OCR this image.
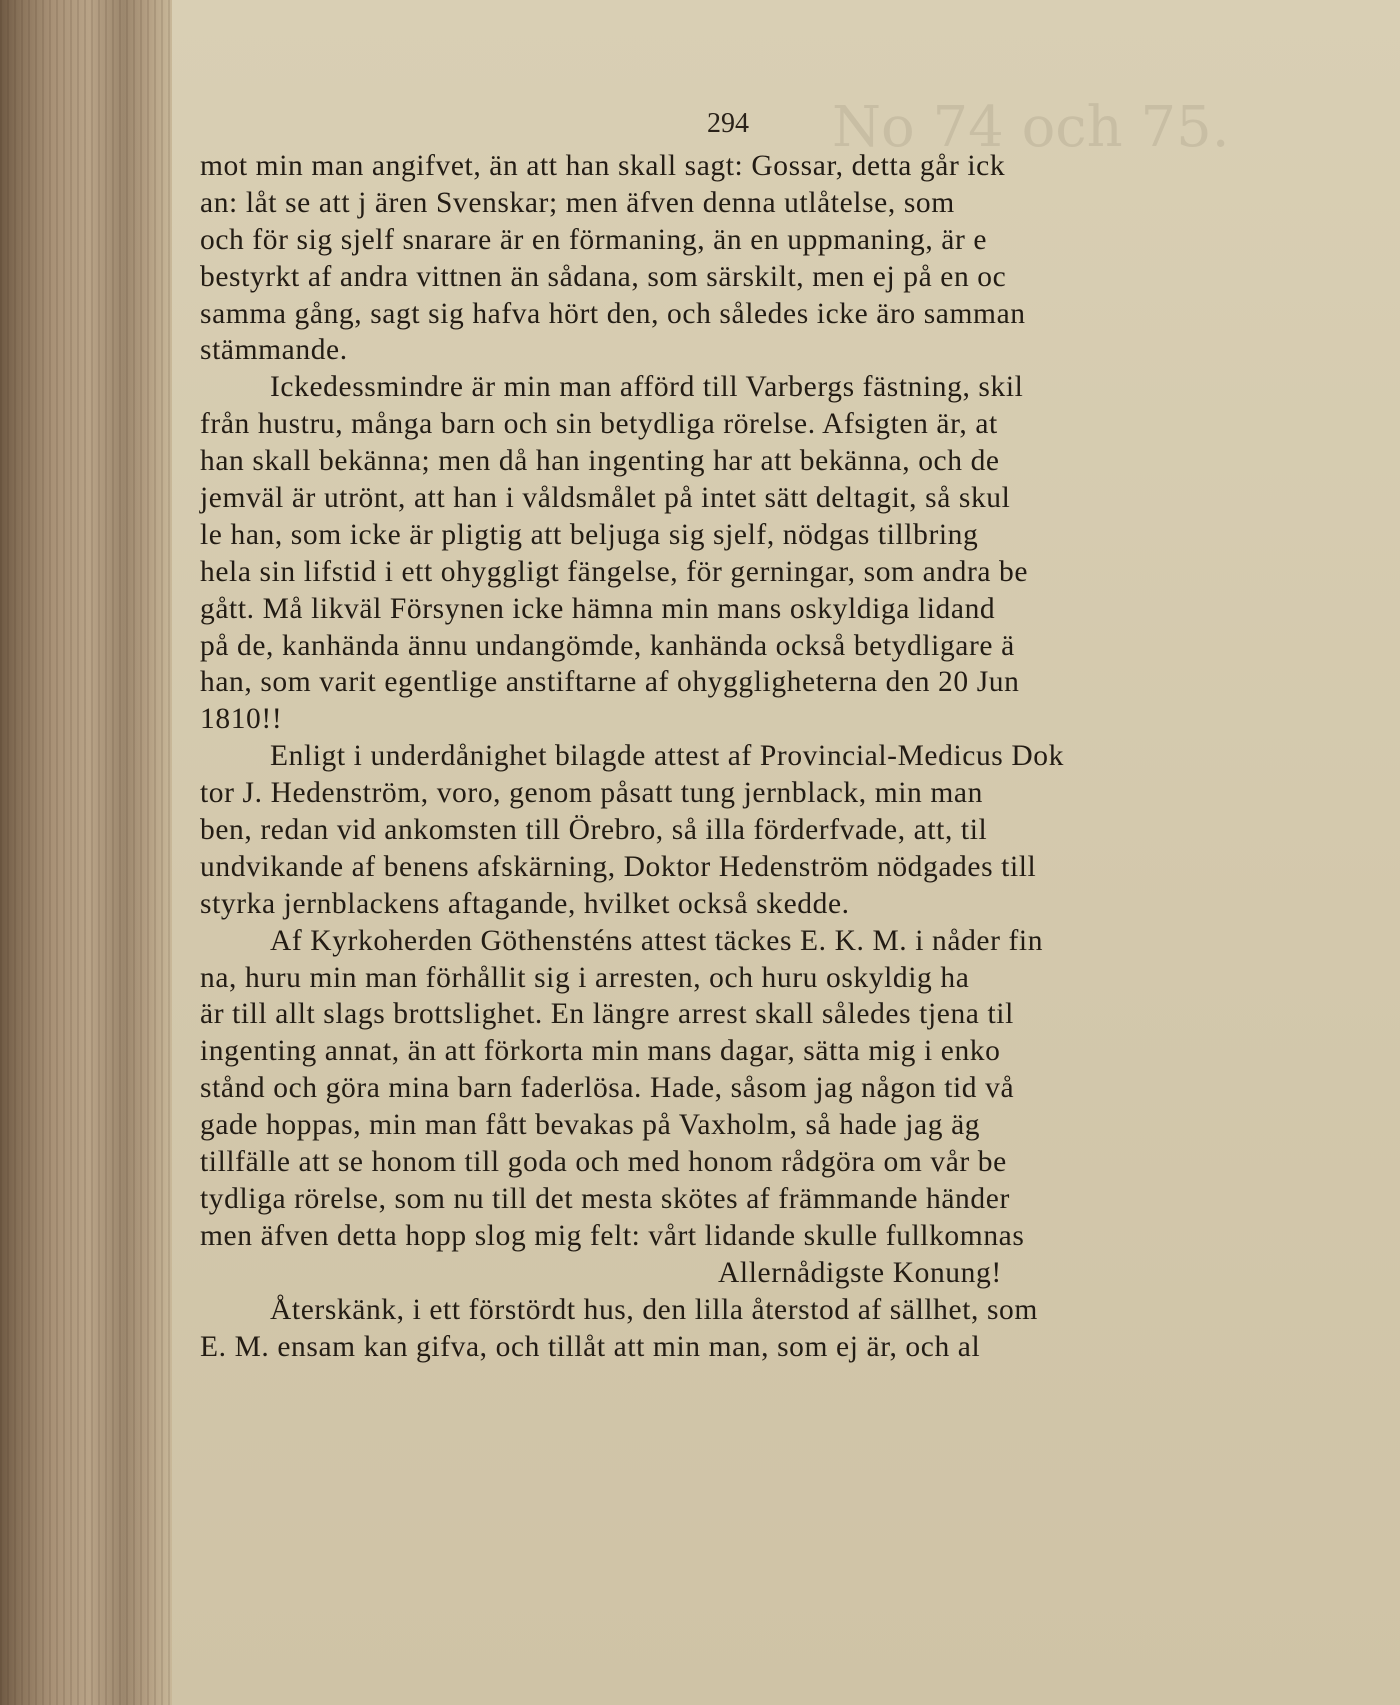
No 74 och 75.
294
mot min man angifvet, än att han skall sagt: Gossar, detta går ick
an: låt se att j ären Svenskar; men äfven denna utlåtelse, som
och för sig sjelf snarare är en förmaning, än en uppmaning, är e
bestyrkt af andra vittnen än sådana, som särskilt, men ej på en oc
samma gång, sagt sig hafva hört den, och således icke äro samman
stämmande.
Ickedessmindre är min man afförd till Varbergs fästning, skil
från hustru, många barn och sin betydliga rörelse. Afsigten är, at
han skall bekänna; men då han ingenting har att bekänna, och de
jemväl är utrönt, att han i våldsmålet på intet sätt deltagit, så skul
le han, som icke är pligtig att beljuga sig sjelf, nödgas tillbring
hela sin lifstid i ett ohyggligt fängelse, för gerningar, som andra be
gått. Må likväl Försynen icke hämna min mans oskyldiga lidand
på de, kanhända ännu undangömde, kanhända också betydligare ä
han, som varit egentlige anstiftarne af ohyggligheterna den 20 Jun
1810!!
Enligt i underdånighet bilagde attest af Provincial-Medicus Dok
tor J. Hedenström, voro, genom påsatt tung jernblack, min man
ben, redan vid ankomsten till Örebro, så illa förderfvade, att, til
undvikande af benens afskärning, Doktor Hedenström nödgades till
styrka jernblackens aftagande, hvilket också skedde.
Af Kyrkoherden Göthensténs attest täckes E. K. M. i nåder fin
na, huru min man förhållit sig i arresten, och huru oskyldig ha
är till allt slags brottslighet. En längre arrest skall således tjena til
ingenting annat, än att förkorta min mans dagar, sätta mig i enko
stånd och göra mina barn faderlösa. Hade, såsom jag någon tid vå
gade hoppas, min man fått bevakas på Vaxholm, så hade jag äg
tillfälle att se honom till goda och med honom rådgöra om vår be
tydliga rörelse, som nu till det mesta skötes af främmande händer
men äfven detta hopp slog mig felt: vårt lidande skulle fullkomnas
Allernådigste Konung!
Återskänk, i ett förstördt hus, den lilla återstod af sällhet, som
E. M. ensam kan gifva, och tillåt att min man, som ej är, och al
